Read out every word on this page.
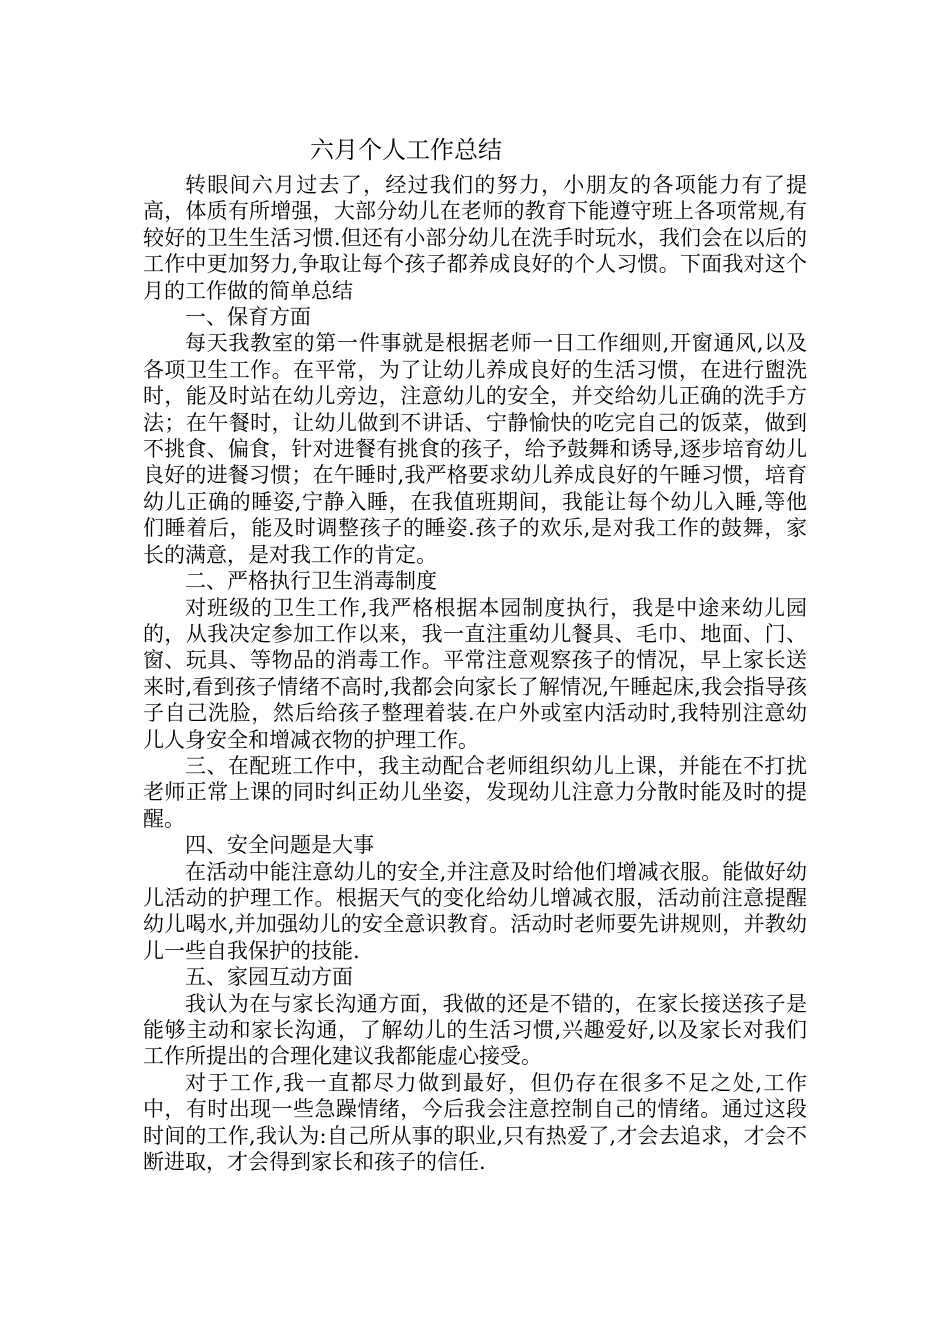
六月个人工作总结

转眼间六月过去了，经过我们的努力，小朋友的各项能力有了提高，体质有所增强，大部分幼儿在老师的教育下能遵守班上各项常规,有较好的卫生生活习惯.但还有小部分幼儿在洗手时玩水，我们会在以后的工作中更加努力,争取让每个孩子都养成良好的个人习惯。下面我对这个月的工作做的简单总结

一、保育方面

每天我教室的第一件事就是根据老师一日工作细则,开窗通风,以及各项卫生工作。在平常，为了让幼儿养成良好的生活习惯，在进行盥洗时，能及时站在幼儿旁边，注意幼儿的安全，并交给幼儿正确的洗手方法；在午餐时，让幼儿做到不讲话、宁静愉快的吃完自己的饭菜，做到不挑食、偏食，针对进餐有挑食的孩子，给予鼓舞和诱导,逐步培育幼儿良好的进餐习惯；在午睡时,我严格要求幼儿养成良好的午睡习惯，培育幼儿正确的睡姿,宁静入睡，在我值班期间，我能让每个幼儿入睡,等他们睡着后，能及时调整孩子的睡姿.孩子的欢乐,是对我工作的鼓舞，家长的满意，是对我工作的肯定。

二、严格执行卫生消毒制度

对班级的卫生工作,我严格根据本园制度执行，我是中途来幼儿园的，从我决定参加工作以来，我一直注重幼儿餐具、毛巾、地面、门、窗、玩具、等物品的消毒工作。平常注意观察孩子的情况，早上家长送来时,看到孩子情绪不高时,我都会向家长了解情况,午睡起床,我会指导孩子自己洗脸，然后给孩子整理着装.在户外或室内活动时,我特别注意幼儿人身安全和增减衣物的护理工作。

三、在配班工作中，我主动配合老师组织幼儿上课，并能在不打扰老师正常上课的同时纠正幼儿坐姿，发现幼儿注意力分散时能及时的提醒。

四、安全问题是大事

在活动中能注意幼儿的安全,并注意及时给他们增减衣服。能做好幼儿活动的护理工作。根据天气的变化给幼儿增减衣服，活动前注意提醒幼儿喝水,并加强幼儿的安全意识教育。活动时老师要先讲规则，并教幼儿一些自我保护的技能.

五、家园互动方面

我认为在与家长沟通方面，我做的还是不错的，在家长接送孩子是能够主动和家长沟通，了解幼儿的生活习惯,兴趣爱好,以及家长对我们工作所提出的合理化建议我都能虚心接受。

对于工作,我一直都尽力做到最好，但仍存在很多不足之处,工作中，有时出现一些急躁情绪，今后我会注意控制自己的情绪。通过这段时间的工作,我认为:自己所从事的职业,只有热爱了,才会去追求，才会不断进取，才会得到家长和孩子的信任.
